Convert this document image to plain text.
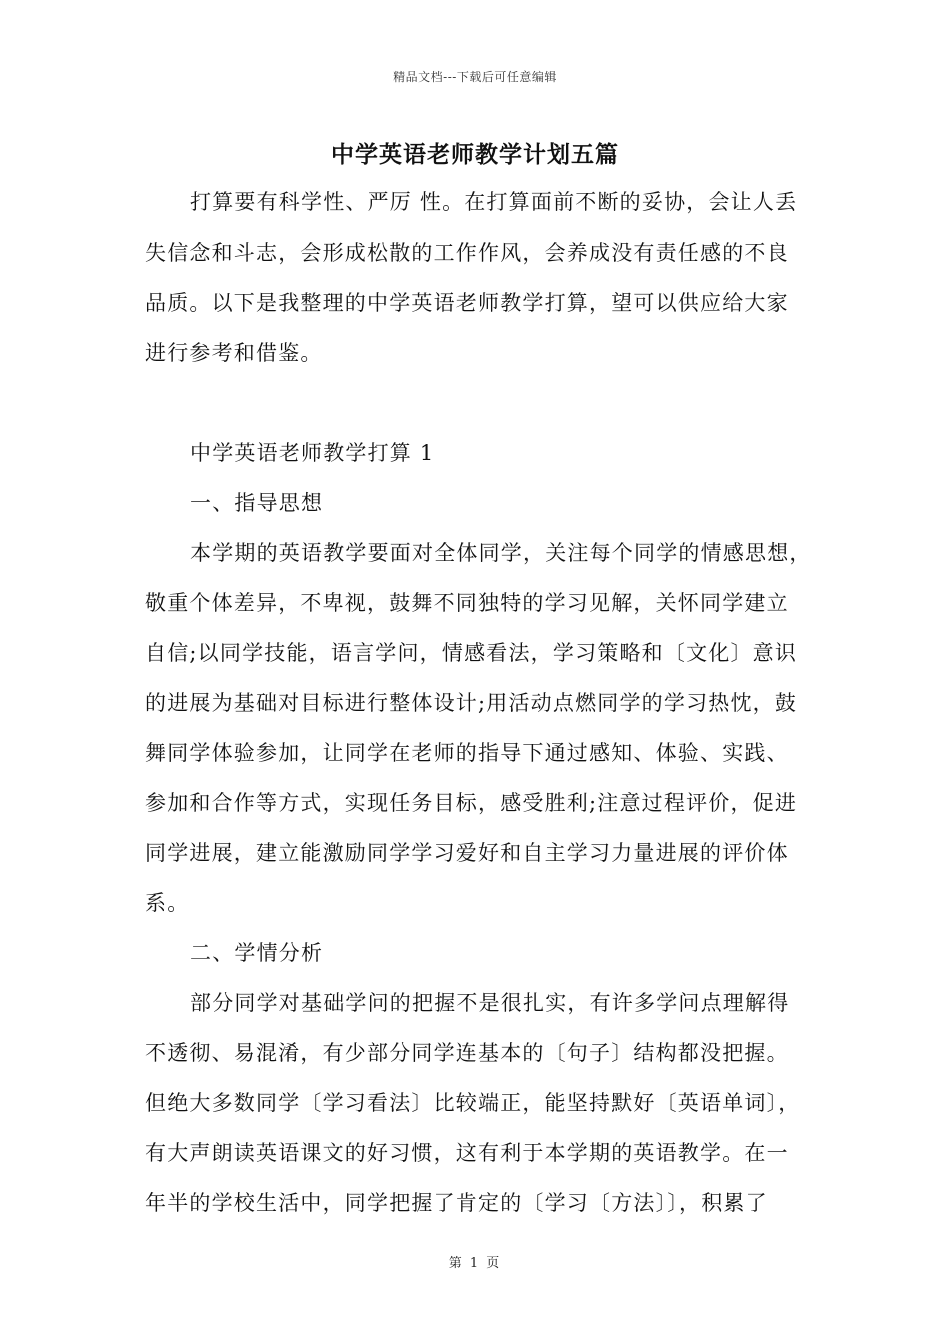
精品文档---下载后可任意编辑
中学英语老师教学计划五篇
打算要有科学性、严厉 性。在打算面前不断的妥协，会让人丢
失信念和斗志，会形成松散的工作作风，会养成没有责任感的不良
品质。以下是我整理的中学英语老师教学打算，望可以供应给大家
进行参考和借鉴。
中学英语老师教学打算 1
一、指导思想
本学期的英语教学要面对全体同学，关注每个同学的情感思想，
敬重个体差异，不卑视，鼓舞不同独特的学习见解，关怀同学建立
自信;以同学技能，语言学问，情感看法，学习策略和〔文化〕意识
的进展为基础对目标进行整体设计;用活动点燃同学的学习热忱，鼓
舞同学体验参加，让同学在老师的指导下通过感知、体验、实践、
参加和合作等方式，实现任务目标，感受胜利;注意过程评价，促进
同学进展，建立能激励同学学习爱好和自主学习力量进展的评价体
系。
二、学情分析
部分同学对基础学问的把握不是很扎实，有许多学问点理解得
不透彻、易混淆，有少部分同学连基本的〔句子〕结构都没把握。
但绝大多数同学〔学习看法〕比较端正，能坚持默好〔英语单词〕，
有大声朗读英语课文的好习惯，这有利于本学期的英语教学。在一
年半的学校生活中，同学把握了肯定的〔学习〔方法〕〕，积累了
第 1 页
